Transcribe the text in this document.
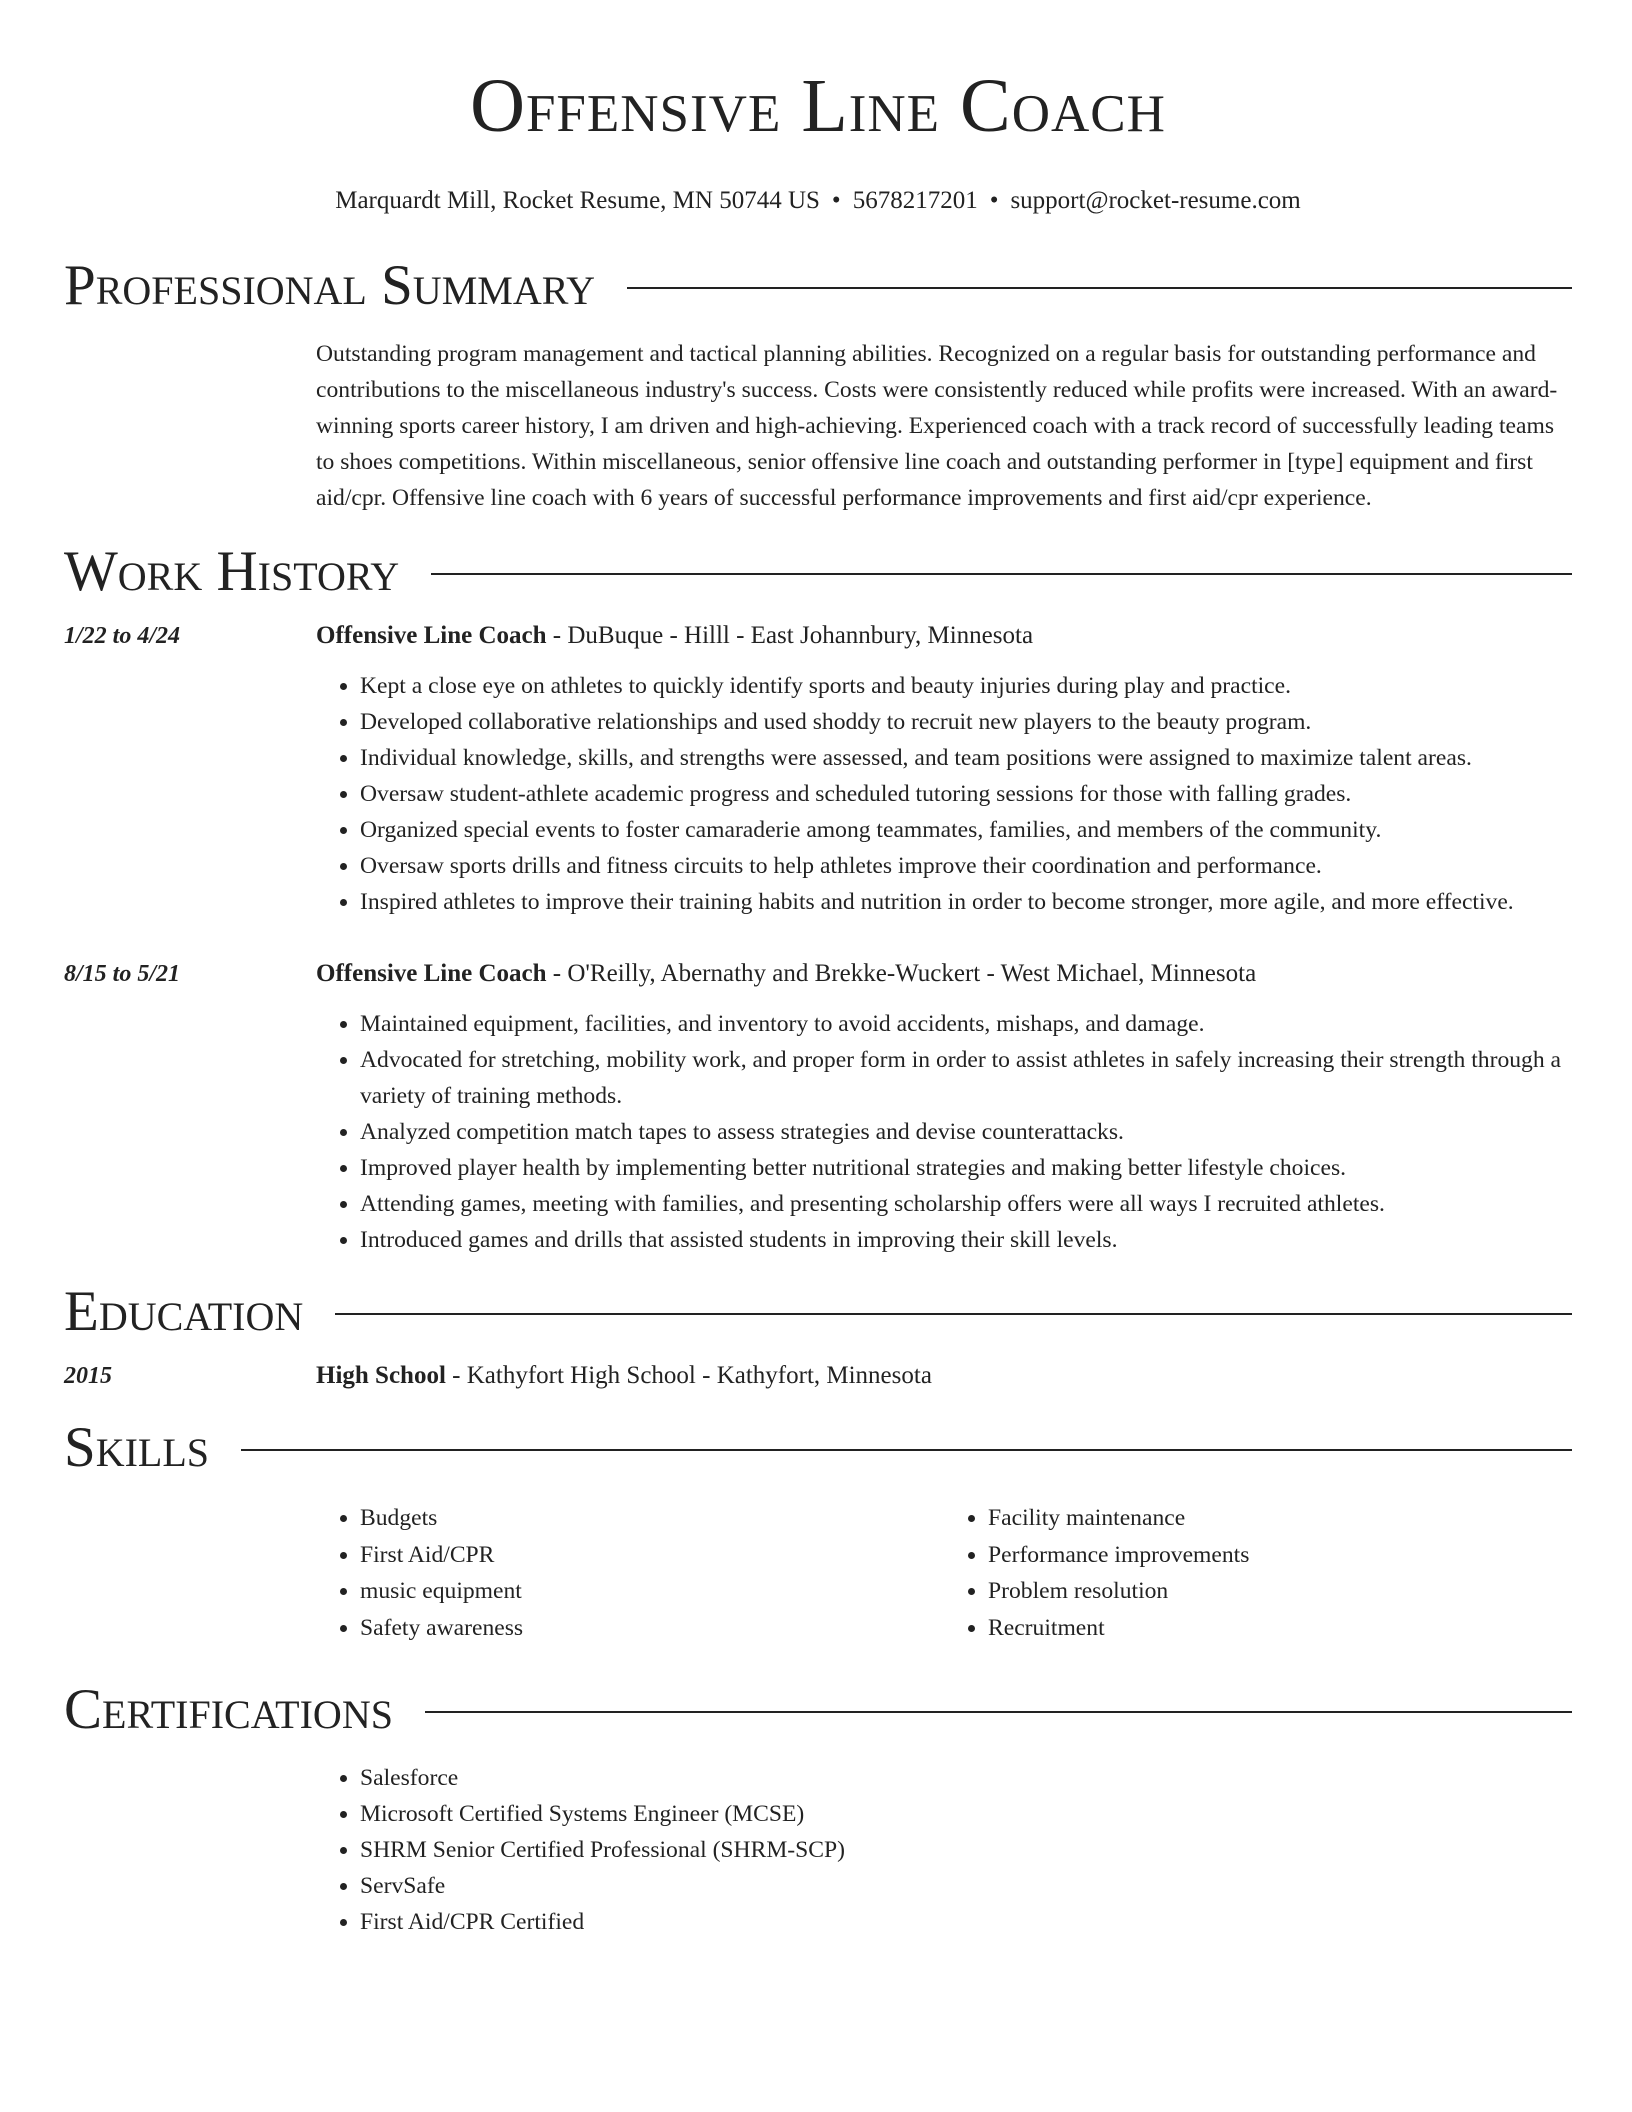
Offensive Line Coach
Marquardt Mill, Rocket Resume, MN 50744 US • 5678217201 • support@rocket-resume.com
Professional Summary
Outstanding program management and tactical planning abilities. Recognized on a regular basis for outstanding performance and contributions to the miscellaneous industry's success. Costs were consistently reduced while profits were increased. With an award-winning sports career history, I am driven and high-achieving. Experienced coach with a track record of successfully leading teams to shoes competitions. Within miscellaneous, senior offensive line coach and outstanding performer in [type] equipment and first aid/cpr. Offensive line coach with 6 years of successful performance improvements and first aid/cpr experience.
Work History
1/22 to 4/24	Offensive Line Coach - DuBuque - Hilll - East Johannbury, Minnesota
• Kept a close eye on athletes to quickly identify sports and beauty injuries during play and practice.
• Developed collaborative relationships and used shoddy to recruit new players to the beauty program.
• Individual knowledge, skills, and strengths were assessed, and team positions were assigned to maximize talent areas.
• Oversaw student-athlete academic progress and scheduled tutoring sessions for those with falling grades.
• Organized special events to foster camaraderie among teammates, families, and members of the community.
• Oversaw sports drills and fitness circuits to help athletes improve their coordination and performance.
• Inspired athletes to improve their training habits and nutrition in order to become stronger, more agile, and more effective.
8/15 to 5/21	Offensive Line Coach - O'Reilly, Abernathy and Brekke-Wuckert - West Michael, Minnesota
• Maintained equipment, facilities, and inventory to avoid accidents, mishaps, and damage.
• Advocated for stretching, mobility work, and proper form in order to assist athletes in safely increasing their strength through a variety of training methods.
• Analyzed competition match tapes to assess strategies and devise counterattacks.
• Improved player health by implementing better nutritional strategies and making better lifestyle choices.
• Attending games, meeting with families, and presenting scholarship offers were all ways I recruited athletes.
• Introduced games and drills that assisted students in improving their skill levels.
Education
2015	High School - Kathyfort High School - Kathyfort, Minnesota
Skills
• Budgets
• First Aid/CPR
• music equipment
• Safety awareness
• Facility maintenance
• Performance improvements
• Problem resolution
• Recruitment
Certifications
• Salesforce
• Microsoft Certified Systems Engineer (MCSE)
• SHRM Senior Certified Professional (SHRM-SCP)
• ServSafe
• First Aid/CPR Certified
